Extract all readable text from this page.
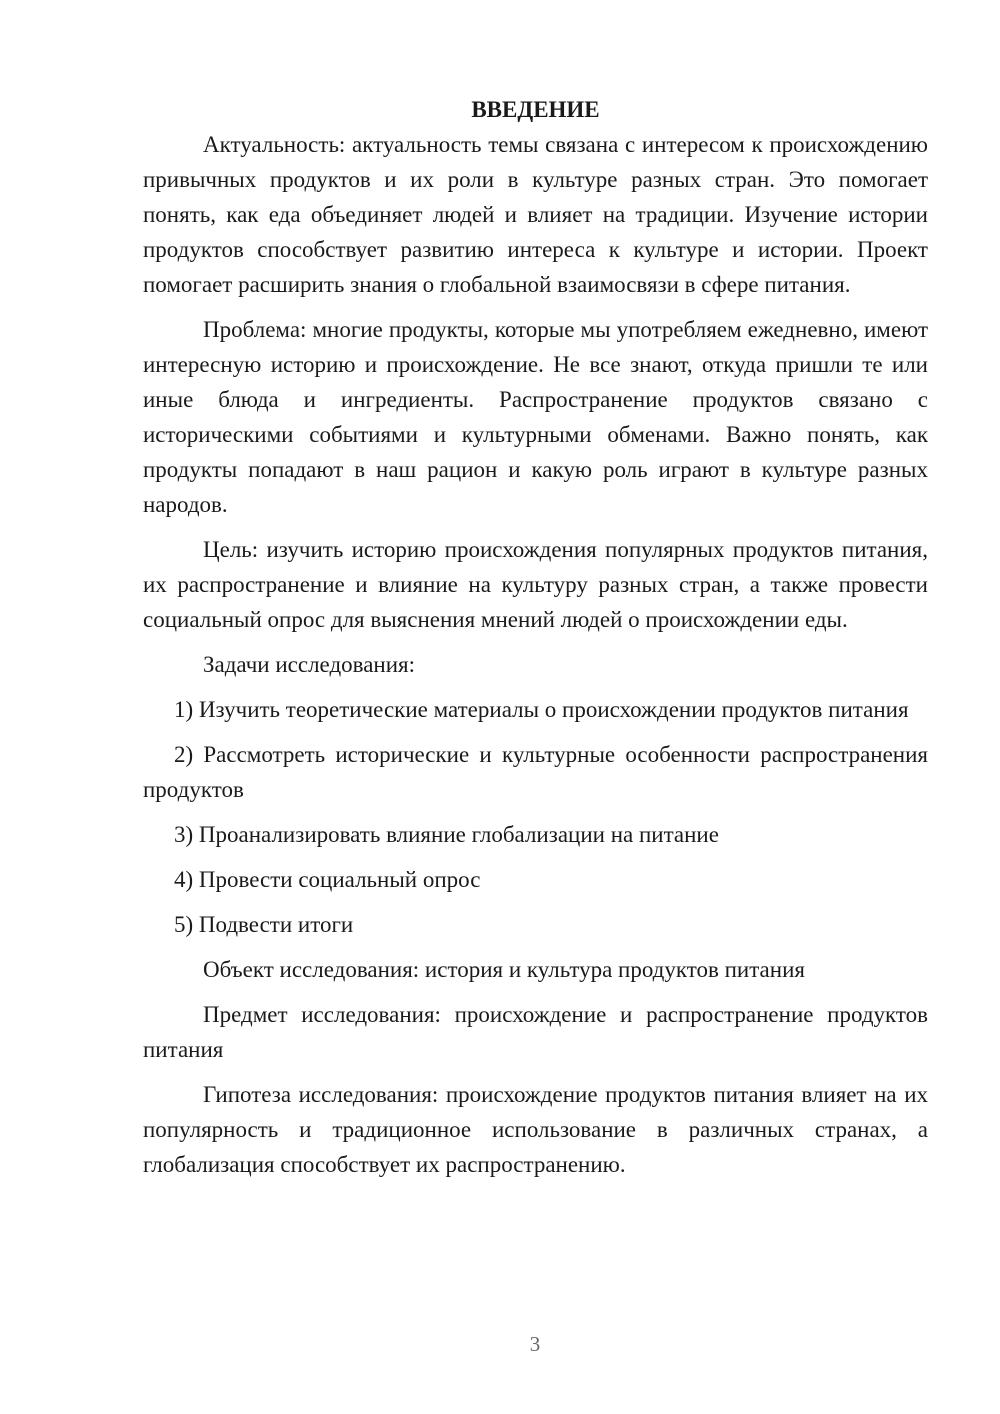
ВВЕДЕНИЕ

Актуальность: актуальность темы связана с интересом к происхождению привычных продуктов и их роли в культуре разных стран. Это помогает понять, как еда объединяет людей и влияет на традиции. Изучение истории продуктов способствует развитию интереса к культуре и истории. Проект помогает расширить знания о глобальной взаимосвязи в сфере питания.

Проблема: многие продукты, которые мы употребляем ежедневно, имеют интересную историю и происхождение. Не все знают, откуда пришли те или иные блюда и ингредиенты. Распространение продуктов связано с историческими событиями и культурными обменами. Важно понять, как продукты попадают в наш рацион и какую роль играют в культуре разных народов.

Цель: изучить историю происхождения популярных продуктов питания, их распространение и влияние на культуру разных стран, а также провести социальный опрос для выяснения мнений людей о происхождении еды.

Задачи исследования:

1) Изучить теоретические материалы о происхождении продуктов питания

2) Рассмотреть исторические и культурные особенности распространения продуктов

3) Проанализировать влияние глобализации на питание

4) Провести социальный опрос

5) Подвести итоги

Объект исследования: история и культура продуктов питания

Предмет исследования: происхождение и распространение продуктов питания

Гипотеза исследования: происхождение продуктов питания влияет на их популярность и традиционное использование в различных странах, а глобализация способствует их распространению.

3
